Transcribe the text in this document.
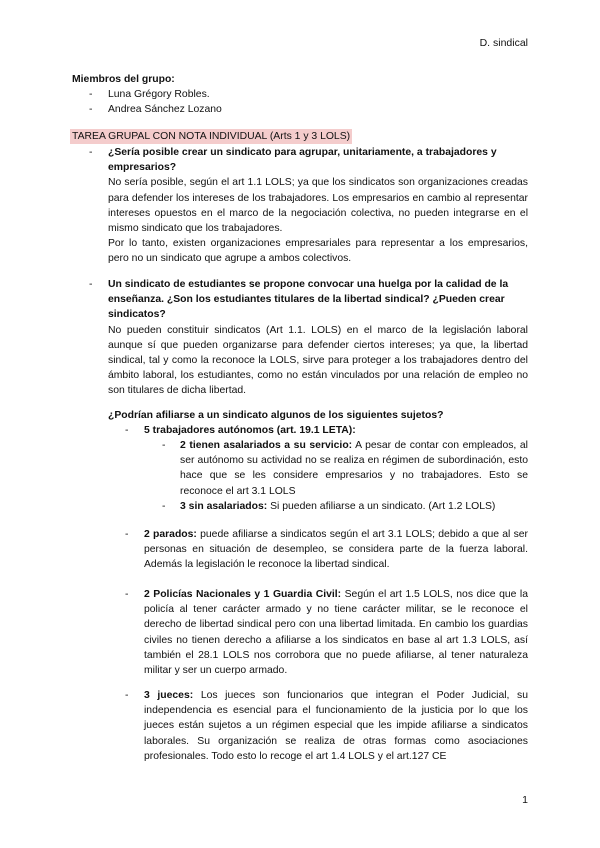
D. sindical
Miembros del grupo:
- Luna Grégory Robles.
- Andrea Sánchez Lozano
TAREA GRUPAL CON NOTA INDIVIDUAL (Arts 1 y 3 LOLS)
- ¿Sería posible crear un sindicato para agrupar, unitariamente, a trabajadores y empresarios?

No sería posible, según el art 1.1 LOLS; ya que los sindicatos son organizaciones creadas para defender los intereses de los trabajadores. Los empresarios en cambio al representar intereses opuestos en el marco de la negociación colectiva, no pueden integrarse en el mismo sindicato que los trabajadores.

Por lo tanto, existen organizaciones empresariales para representar a los empresarios, pero no un sindicato que agrupe a ambos colectivos.

- Un sindicato de estudiantes se propone convocar una huelga por la calidad de la enseñanza. ¿Son los estudiantes titulares de la libertad sindical? ¿Pueden crear sindicatos?

No pueden constituir sindicatos (Art 1.1. LOLS) en el marco de la legislación laboral aunque sí que pueden organizarse para defender ciertos intereses; ya que, la libertad sindical, tal y como la reconoce la LOLS, sirve para proteger a los trabajadores dentro del ámbito laboral, los estudiantes, como no están vinculados por una relación de empleo no son titulares de dicha libertad.

¿Podrían afiliarse a un sindicato algunos de los siguientes sujetos?

- 5 trabajadores autónomos (art. 19.1 LETA):
- 2 tienen asalariados a su servicio: A pesar de contar con empleados, al ser autónomo su actividad no se realiza en régimen de subordinación, esto hace que se les considere empresarios y no trabajadores. Esto se reconoce el art 3.1 LOLS

- 3 sin asalariados: Si pueden afiliarse a un sindicato. (Art 1.2 LOLS)

- 2 parados: puede afiliarse a sindicatos según el art 3.1 LOLS; debido a que al ser personas en situación de desempleo, se considera parte de la fuerza laboral. Además la legislación le reconoce la libertad sindical.

- 2 Policías Nacionales y 1 Guardia Civil: Según el art 1.5 LOLS, nos dice que la policía al tener carácter armado y no tiene carácter militar, se le reconoce el derecho de libertad sindical pero con una libertad limitada. En cambio los guardias civiles no tienen derecho a afiliarse a los sindicatos en base al art 1.3 LOLS, así también el 28.1 LOLS nos corrobora que no puede afiliarse, al tener naturaleza militar y ser un cuerpo armado.

- 3 jueces: Los jueces son funcionarios que integran el Poder Judicial, su independencia es esencial para el funcionamiento de la justicia por lo que los jueces están sujetos a un régimen especial que les impide afiliarse a sindicatos laborales. Su organización se realiza de otras formas como asociaciones profesionales. Todo esto lo recoge el art 1.4 LOLS y el art.127 CE

1
